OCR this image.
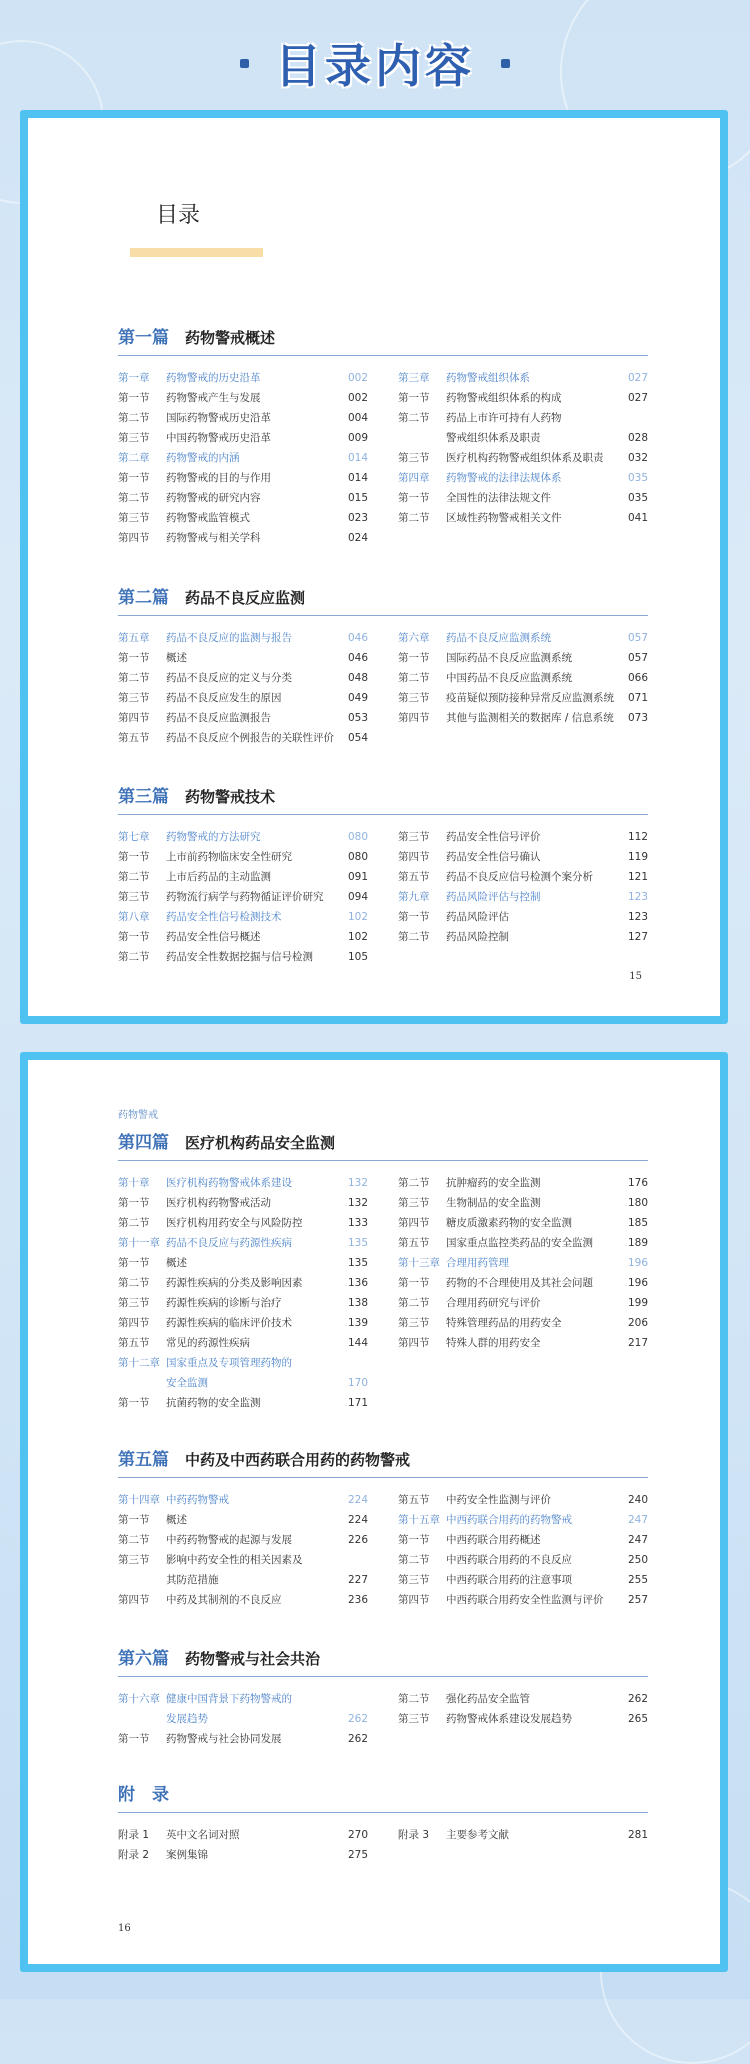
目录内容
目录
第一篇 药物警戒概述
第一章	药物警戒的历史沿革	002
第一节	药物警戒产生与发展	002
第二节	国际药物警戒历史沿革	004
第三节	中国药物警戒历史沿革	009
第二章	药物警戒的内涵	014
第一节	药物警戒的目的与作用	014
第二节	药物警戒的研究内容	015
第三节	药物警戒监管模式	023
第四节	药物警戒与相关学科	024
第三章	药物警戒组织体系	027
第一节	药物警戒组织体系的构成	027
第二节	药品上市许可持有人药物
警戒组织体系及职责	028
第三节	医疗机构药物警戒组织体系及职责	032
第四章	药物警戒的法律法规体系	035
第一节	全国性的法律法规文件	035
第二节	区域性药物警戒相关文件	041
第二篇 药品不良反应监测
第五章	药品不良反应的监测与报告	046
第一节	概述	046
第二节	药品不良反应的定义与分类	048
第三节	药品不良反应发生的原因	049
第四节	药品不良反应监测报告	053
第五节	药品不良反应个例报告的关联性评价	054
第六章	药品不良反应监测系统	057
第一节	国际药品不良反应监测系统	057
第二节	中国药品不良反应监测系统	066
第三节	疫苗疑似预防接种异常反应监测系统	071
第四节	其他与监测相关的数据库 / 信息系统	073
第三篇 药物警戒技术
第七章	药物警戒的方法研究	080
第一节	上市前药物临床安全性研究	080
第二节	上市后药品的主动监测	091
第三节	药物流行病学与药物循证评价研究	094
第八章	药品安全性信号检测技术	102
第一节	药品安全性信号概述	102
第二节	药品安全性数据挖掘与信号检测	105
第三节	药品安全性信号评价	112
第四节	药品安全性信号确认	119
第五节	药品不良反应信号检测个案分析	121
第九章	药品风险评估与控制	123
第一节	药品风险评估	123
第二节	药品风险控制	127
15
药物警戒
第四篇 医疗机构药品安全监测
第十章	医疗机构药物警戒体系建设	132
第一节	医疗机构药物警戒活动	132
第二节	医疗机构用药安全与风险防控	133
第十一章 药品不良反应与药源性疾病	135
第一节	概述	135
第二节	药源性疾病的分类及影响因素	136
第三节	药源性疾病的诊断与治疗	138
第四节	药源性疾病的临床评价技术	139
第五节	常见的药源性疾病	144
第十二章 国家重点及专项管理药物的
安全监测	170
第一节	抗菌药物的安全监测	171
第二节	抗肿瘤药的安全监测	176
第三节	生物制品的安全监测	180
第四节	糖皮质激素药物的安全监测	185
第五节	国家重点监控类药品的安全监测	189
第十三章 合理用药管理	196
第一节	药物的不合理使用及其社会问题	196
第二节	合理用药研究与评价	199
第三节	特殊管理药品的用药安全	206
第四节	特殊人群的用药安全	217
第五篇 中药及中西药联合用药的药物警戒
第十四章 中药药物警戒	224
第一节	概述	224
第二节	中药药物警戒的起源与发展	226
第三节	影响中药安全性的相关因素及
其防范措施	227
第四节	中药及其制剂的不良反应	236
第五节	中药安全性监测与评价	240
第十五章 中西药联合用药的药物警戒	247
第一节	中西药联合用药概述	247
第二节	中西药联合用药的不良反应	250
第三节	中西药联合用药的注意事项	255
第四节	中西药联合用药安全性监测与评价	257
第六篇 药物警戒与社会共治
第十六章 健康中国背景下药物警戒的
发展趋势	262
第一节	药物警戒与社会协同发展	262
第二节	强化药品安全监管	262
第三节	药物警戒体系建设发展趋势	265
附　录
附录 1	英中文名词对照	270
附录 2	案例集锦	275
附录 3	主要参考文献	281
16
